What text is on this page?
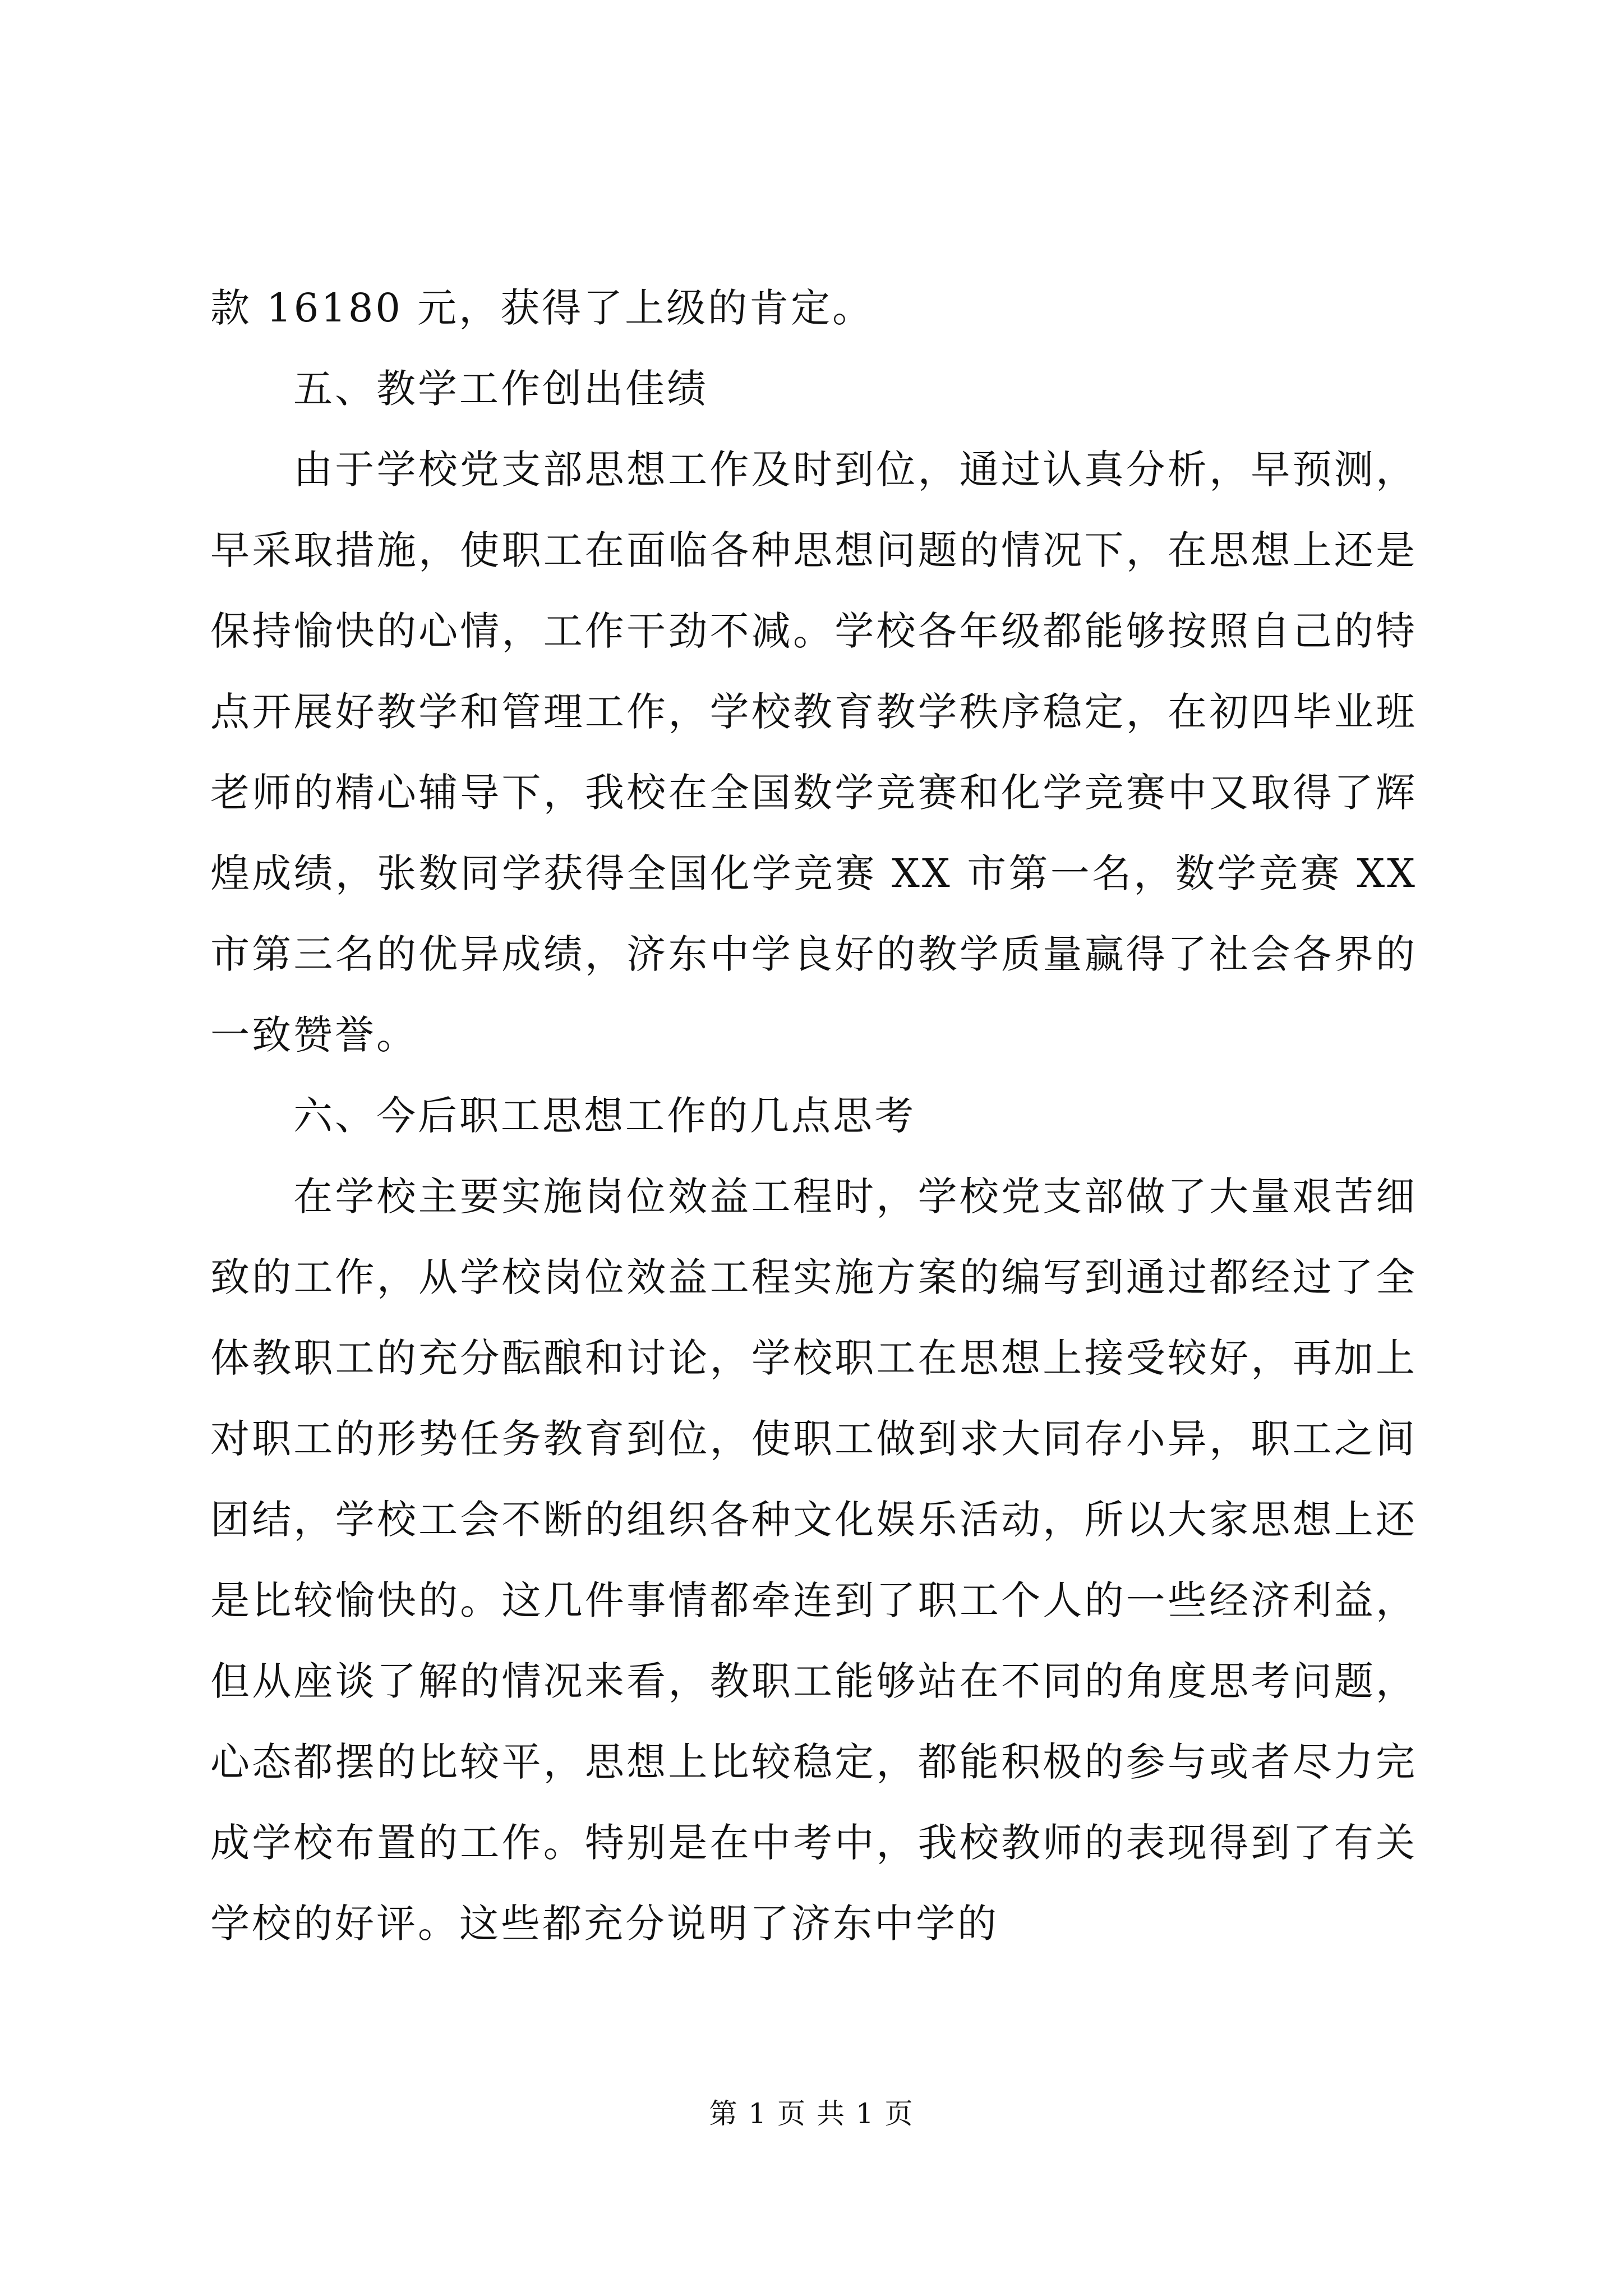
款 16180 元，获得了上级的肯定。

五、教学工作创出佳绩

由于学校党支部思想工作及时到位，通过认真分析，早预测，早采取措施，使职工在面临各种思想问题的情况下，在思想上还是保持愉快的心情，工作干劲不减。学校各年级都能够按照自己的特点开展好教学和管理工作，学校教育教学秩序稳定，在初四毕业班老师的精心辅导下，我校在全国数学竞赛和化学竞赛中又取得了辉煌成绩，张数同学获得全国化学竞赛 XX 市第一名，数学竞赛 XX 市第三名的优异成绩，济东中学良好的教学质量赢得了社会各界的一致赞誉。

六、今后职工思想工作的几点思考

在学校主要实施岗位效益工程时，学校党支部做了大量艰苦细致的工作，从学校岗位效益工程实施方案的编写到通过都经过了全体教职工的充分酝酿和讨论，学校职工在思想上接受较好，再加上对职工的形势任务教育到位，使职工做到求大同存小异，职工之间团结，学校工会不断的组织各种文化娱乐活动，所以大家思想上还是比较愉快的。这几件事情都牵连到了职工个人的一些经济利益，但从座谈了解的情况来看，教职工能够站在不同的角度思考问题，心态都摆的比较平，思想上比较稳定，都能积极的参与或者尽力完成学校布置的工作。特别是在中考中，我校教师的表现得到了有关学校的好评。这些都充分说明了济东中学的

第 1 页 共 1 页
